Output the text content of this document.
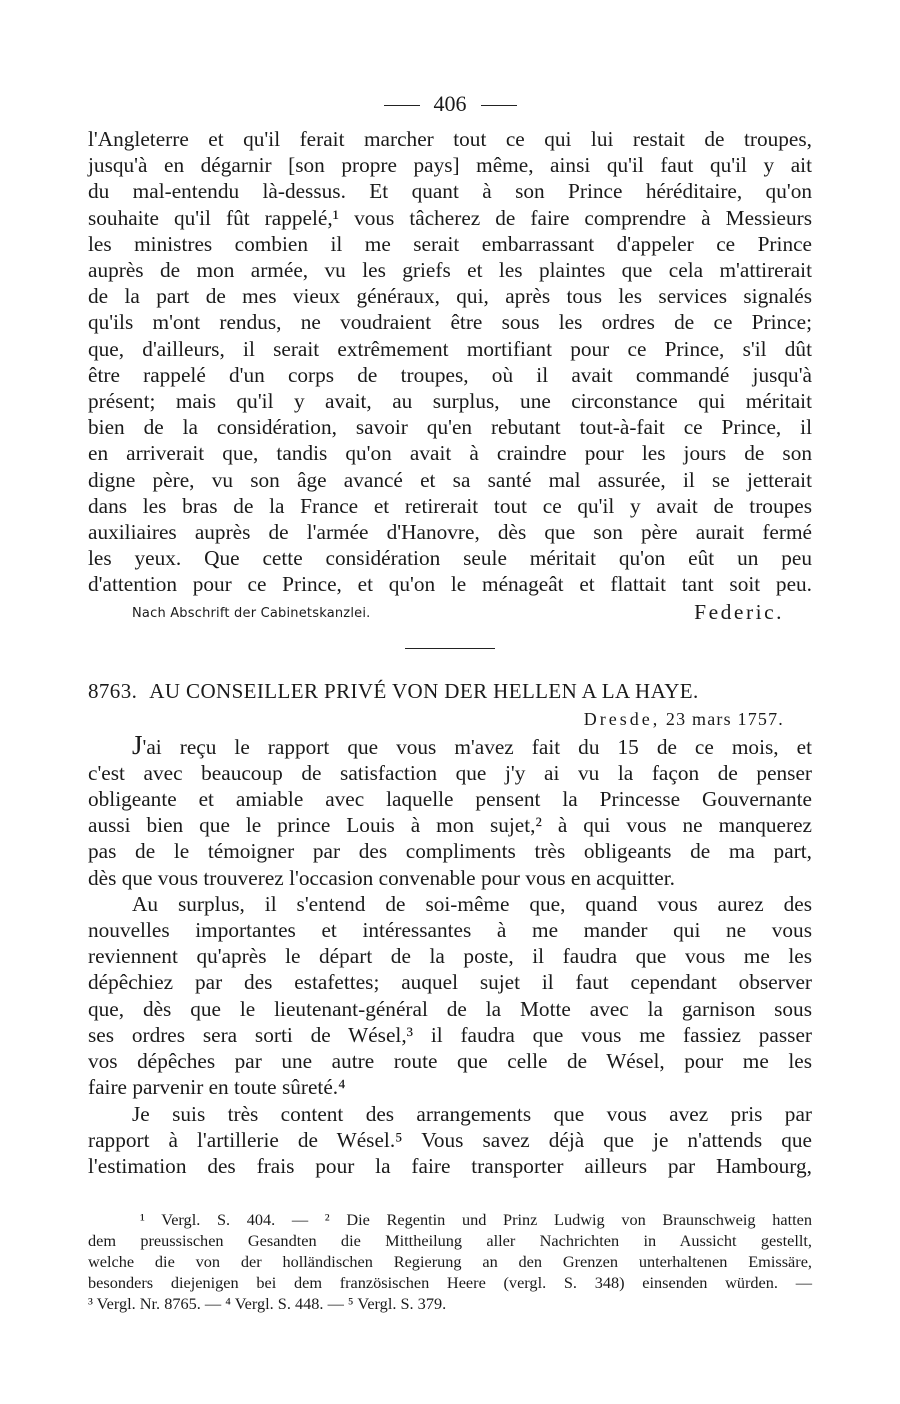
406
l'Angleterre et qu'il ferait marcher tout ce qui lui restait de troupes,
jusqu'à en dégarnir [son propre pays] même, ainsi qu'il faut qu'il y ait
du mal-entendu là-dessus. Et quant à son Prince héréditaire, qu'on
souhaite qu'il fût rappelé,¹ vous tâcherez de faire comprendre à Messieurs
les ministres combien il me serait embarrassant d'appeler ce Prince
auprès de mon armée, vu les griefs et les plaintes que cela m'attirerait
de la part de mes vieux généraux, qui, après tous les services signalés
qu'ils m'ont rendus, ne voudraient être sous les ordres de ce Prince;
que, d'ailleurs, il serait extrêmement mortifiant pour ce Prince, s'il dût
être rappelé d'un corps de troupes, où il avait commandé jusqu'à
présent; mais qu'il y avait, au surplus, une circonstance qui méritait
bien de la considération, savoir qu'en rebutant tout-à-fait ce Prince, il
en arriverait que, tandis qu'on avait à craindre pour les jours de son
digne père, vu son âge avancé et sa santé mal assurée, il se jetterait
dans les bras de la France et retirerait tout ce qu'il y avait de troupes
auxiliaires auprès de l'armée d'Hanovre, dès que son père aurait fermé
les yeux. Que cette considération seule méritait qu'on eût un peu
d'attention pour ce Prince, et qu'on le ménageât et flattait tant soit peu.
Nach Abschrift der Cabinetskanzlei.	Federic.
8763. AU CONSEILLER PRIVÉ VON DER HELLEN A LA HAYE.
Dresde, 23 mars 1757.
J'ai reçu le rapport que vous m'avez fait du 15 de ce mois, et
c'est avec beaucoup de satisfaction que j'y ai vu la façon de penser
obligeante et amiable avec laquelle pensent la Princesse Gouvernante
aussi bien que le prince Louis à mon sujet,² à qui vous ne manquerez
pas de le témoigner par des compliments très obligeants de ma part,
dès que vous trouverez l'occasion convenable pour vous en acquitter.
Au surplus, il s'entend de soi-même que, quand vous aurez des
nouvelles importantes et intéressantes à me mander qui ne vous
reviennent qu'après le départ de la poste, il faudra que vous me les
dépêchiez par des estafettes; auquel sujet il faut cependant observer
que, dès que le lieutenant-général de la Motte avec la garnison sous
ses ordres sera sorti de Wésel,³ il faudra que vous me fassiez passer
vos dépêches par une autre route que celle de Wésel, pour me les
faire parvenir en toute sûreté.⁴
Je suis très content des arrangements que vous avez pris par
rapport à l'artillerie de Wésel.⁵ Vous savez déjà que je n'attends que
l'estimation des frais pour la faire transporter ailleurs par Hambourg,
¹ Vergl. S. 404. — ² Die Regentin und Prinz Ludwig von Braunschweig hatten
dem preussischen Gesandten die Mittheilung aller Nachrichten in Aussicht gestellt,
welche die von der holländischen Regierung an den Grenzen unterhaltenen Emissäre,
besonders diejenigen bei dem französischen Heere (vergl. S. 348) einsenden würden. —
³ Vergl. Nr. 8765. — ⁴ Vergl. S. 448. — ⁵ Vergl. S. 379.
